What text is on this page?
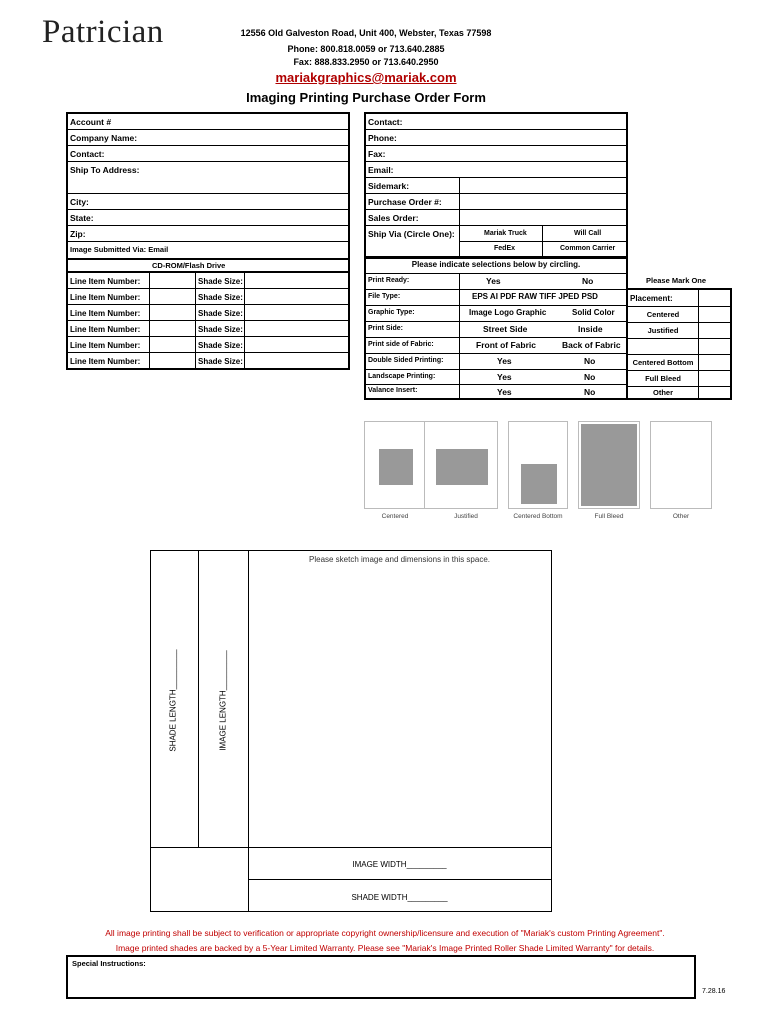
Patrician	12556 Old Galveston Road, Unit 400, Webster, Texas 77598
Phone: 800.818.0059 or 713.640.2885
Fax: 888.833.2950 or 713.640.2950
mariakgraphics@mariak.com
Imaging Printing Purchase Order Form
Account #
Company Name:
Contact:
Ship To Address:
City:
State:
Zip:
Image Submitted Via: Email
CD-ROM/Flash Drive
Line Item Number:	Shade Size:
Line Item Number:	Shade Size:
Line Item Number:	Shade Size:
Line Item Number:	Shade Size:
Line Item Number:	Shade Size:
Line Item Number:	Shade Size:
Contact:
Phone:
Fax:
Email:
Sidemark:
Purchase Order #:
Sales Order:
Ship Via (Circle One):	Mariak Truck	Will Call
FedEx	Common Carrier
Please indicate selections below by circling.
Print Ready:	Yes	No
File Type:	EPS AI PDF RAW TIFF JPED PSD
Graphic Type:	Image Logo Graphic	Solid Color
Print Side:	Street Side	Inside
Print side of Fabric:	Front of Fabric	Back of Fabric
Double Sided Printing:	Yes	No
Landscape Printing:	Yes	No
Valance Insert:	Yes	No
Please Mark One
Placement:
Centered
Justified
Centered Bottom
Full Bleed
Other
Centered	Justified	Centered Bottom	Full Bleed	Other
Please sketch image and dimensions in this space.
SHADE LENGTH_________	IMAGE LENGTH_________
IMAGE WIDTH_________
SHADE WIDTH_________
All image printing shall be subject to verification or appropriate copyright ownership/licensure and execution of "Mariak's custom Printing Agreement".
Image printed shades are backed by a 5-Year Limited Warranty. Please see "Mariak's Image Printed Roller Shade Limited Warranty" for details.
Special Instructions:
7.28.16
